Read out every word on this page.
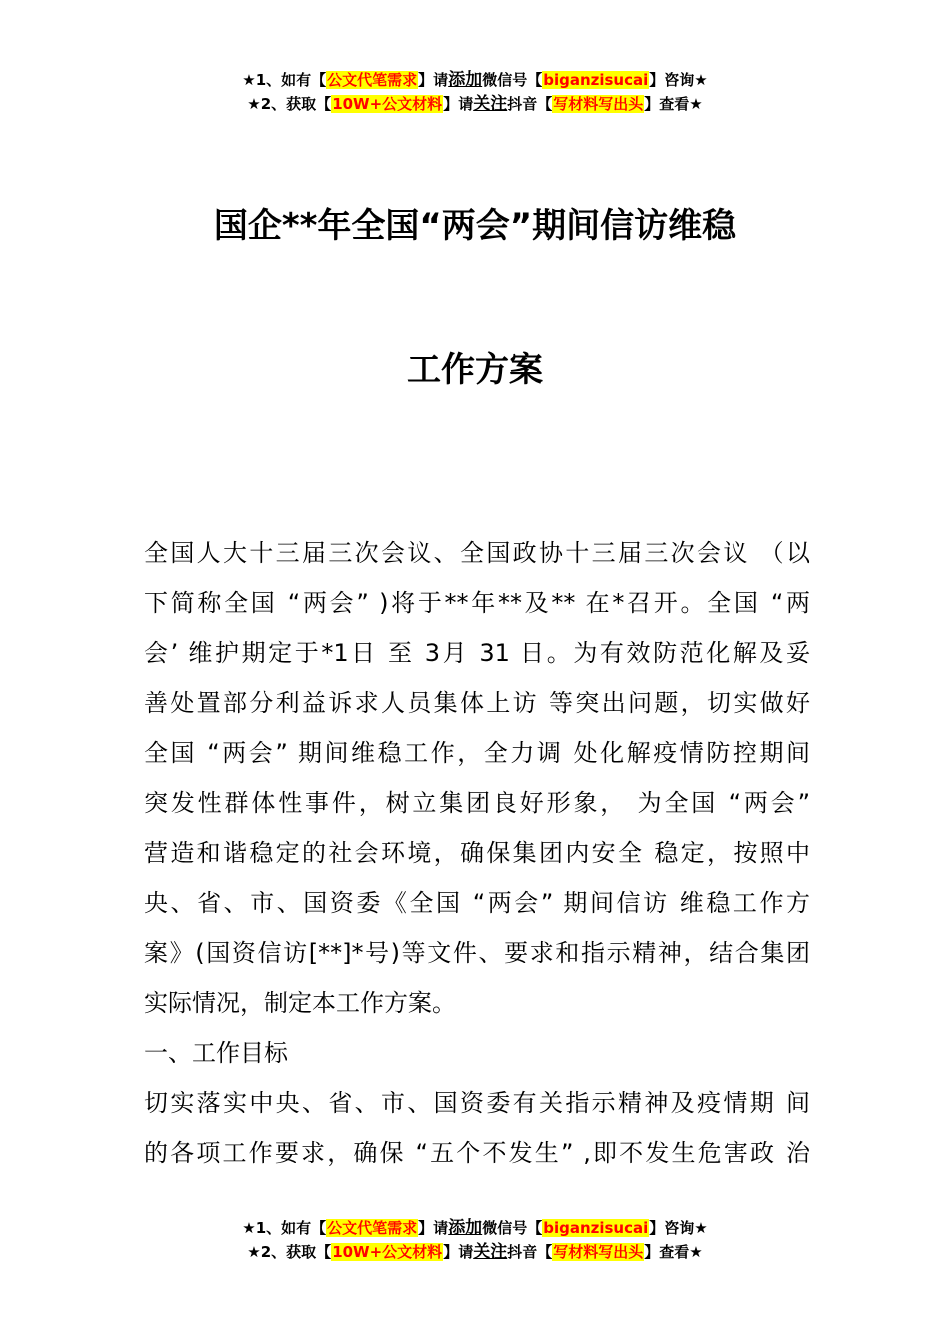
★1、如有【公文代笔需求】请添加微信号【biganzisucai】咨询★
★2、获取【10W+公文材料】请关注抖音【写材料写出头】查看★
国企**年全国“两会”期间信访维稳
工作方案
全国人大十三届三次会议、全国政协十三届三次会议 （以
下简称全国 “两会” )将于**年**及** 在*召开。全国 “两
会’ 维护期定于*1日 至 3月 31 日。为有效防范化解及妥
善处置部分利益诉求人员集体上访 等突出问题，切实做好
全国 “两会” 期间维稳工作，全力调 处化解疫情防控期间
突发性群体性事件，树立集团良好形象， 为全国 “两会”
营造和谐稳定的社会环境，确保集团内安全 稳定，按照中
央、省、市、国资委《全国 “两会” 期间信访 维稳工作方
案》(国资信访[**]*号)等文件、要求和指示精神，结合集团
实际情况，制定本工作方案。
一、工作目标
切实落实中央、省、市、国资委有关指示精神及疫情期 间
的各项工作要求，确保 “五个不发生” ,即不发生危害政 治
★1、如有【公文代笔需求】请添加微信号【biganzisucai】咨询★
★2、获取【10W+公文材料】请关注抖音【写材料写出头】查看★
